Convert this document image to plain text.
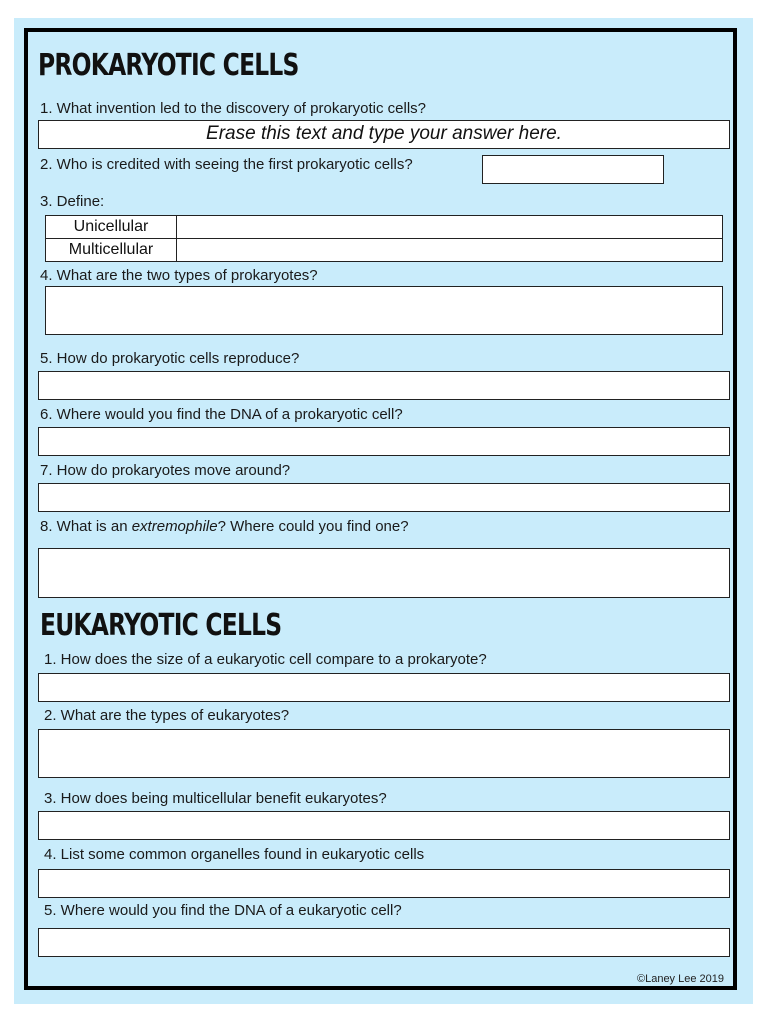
PROKARYOTIC CELLS
1. What invention led to the discovery of prokaryotic cells?
Erase this text and type your answer here.
2. Who is credited with seeing the first prokaryotic cells?
3. Define:
Unicellular	
Multicellular	
4. What are the two types of prokaryotes?
5. How do prokaryotic cells reproduce?
6. Where would you find the DNA of a prokaryotic cell?
7. How do prokaryotes move around?
8. What is an extremophile? Where could you find one?
EUKARYOTIC CELLS
1. How does the size of a eukaryotic cell compare to a prokaryote?
2. What are the types of eukaryotes?
3. How does being multicellular benefit eukaryotes?
4. List some common organelles found in eukaryotic cells
5. Where would you find the DNA of a eukaryotic cell?
©Laney Lee 2019
